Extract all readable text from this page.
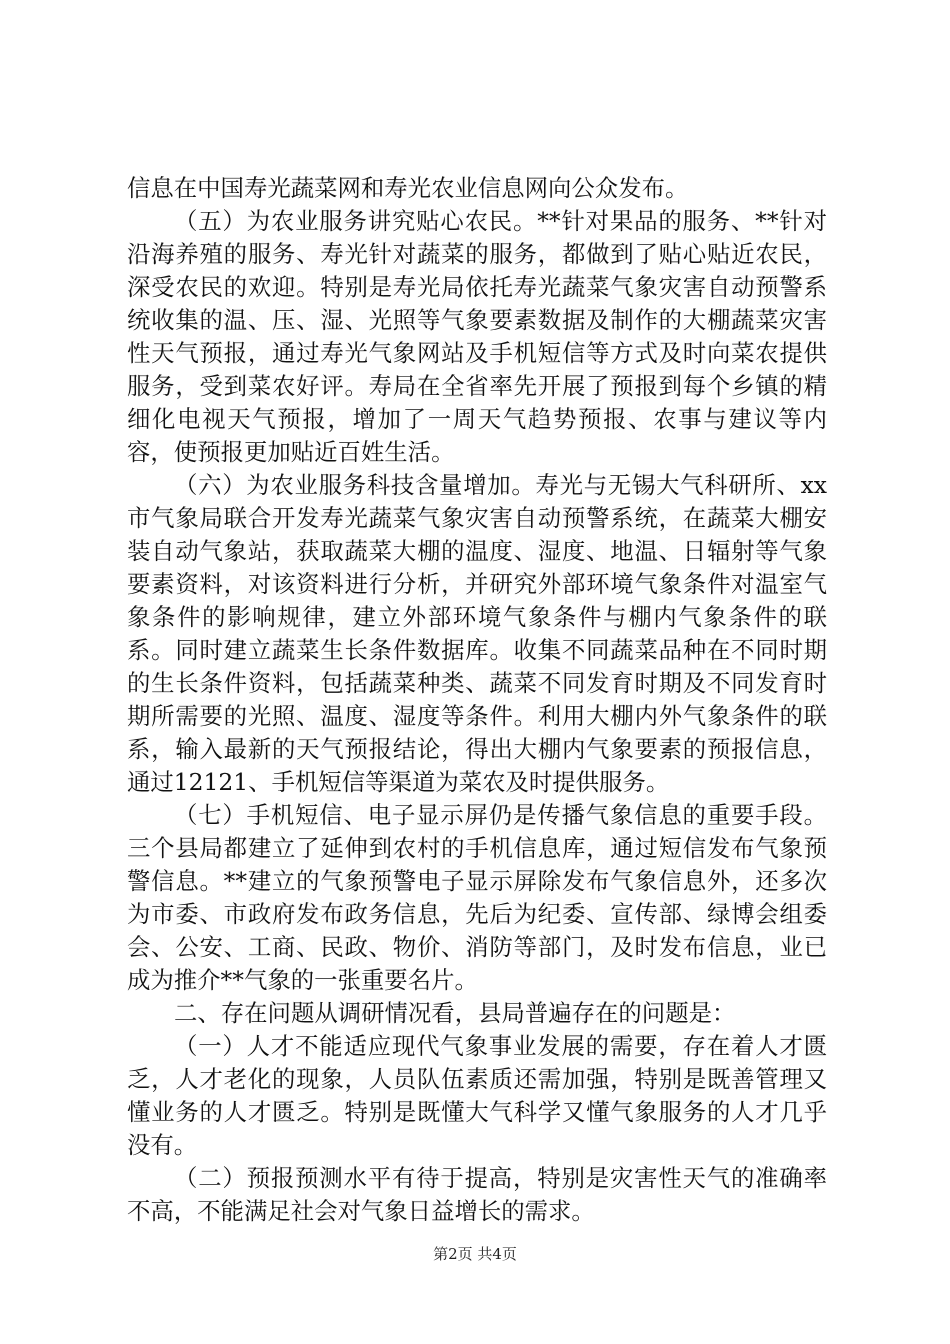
信息在中国寿光蔬菜网和寿光农业信息网向公众发布。

（五）为农业服务讲究贴心农民。**针对果品的服务、**针对沿海养殖的服务、寿光针对蔬菜的服务，都做到了贴心贴近农民，深受农民的欢迎。特别是寿光局依托寿光蔬菜气象灾害自动预警系统收集的温、压、湿、光照等气象要素数据及制作的大棚蔬菜灾害性天气预报，通过寿光气象网站及手机短信等方式及时向菜农提供服务，受到菜农好评。寿局在全省率先开展了预报到每个乡镇的精细化电视天气预报，增加了一周天气趋势预报、农事与建议等内容，使预报更加贴近百姓生活。

（六）为农业服务科技含量增加。寿光与无锡大气科研所、xx市气象局联合开发寿光蔬菜气象灾害自动预警系统，在蔬菜大棚安装自动气象站，获取蔬菜大棚的温度、湿度、地温、日辐射等气象要素资料，对该资料进行分析，并研究外部环境气象条件对温室气象条件的影响规律，建立外部环境气象条件与棚内气象条件的联系。同时建立蔬菜生长条件数据库。收集不同蔬菜品种在不同时期的生长条件资料，包括蔬菜种类、蔬菜不同发育时期及不同发育时期所需要的光照、温度、湿度等条件。利用大棚内外气象条件的联系，输入最新的天气预报结论，得出大棚内气象要素的预报信息，通过12121、手机短信等渠道为菜农及时提供服务。

（七）手机短信、电子显示屏仍是传播气象信息的重要手段。三个县局都建立了延伸到农村的手机信息库，通过短信发布气象预警信息。**建立的气象预警电子显示屏除发布气象信息外，还多次为市委、市政府发布政务信息，先后为纪委、宣传部、绿博会组委会、公安、工商、民政、物价、消防等部门，及时发布信息，业已成为推介**气象的一张重要名片。

二、存在问题从调研情况看，县局普遍存在的问题是：

（一）人才不能适应现代气象事业发展的需要，存在着人才匮乏，人才老化的现象，人员队伍素质还需加强，特别是既善管理又懂业务的人才匮乏。特别是既懂大气科学又懂气象服务的人才几乎没有。

（二）预报预测水平有待于提高，特别是灾害性天气的准确率不高，不能满足社会对气象日益增长的需求。

第2页 共4页
